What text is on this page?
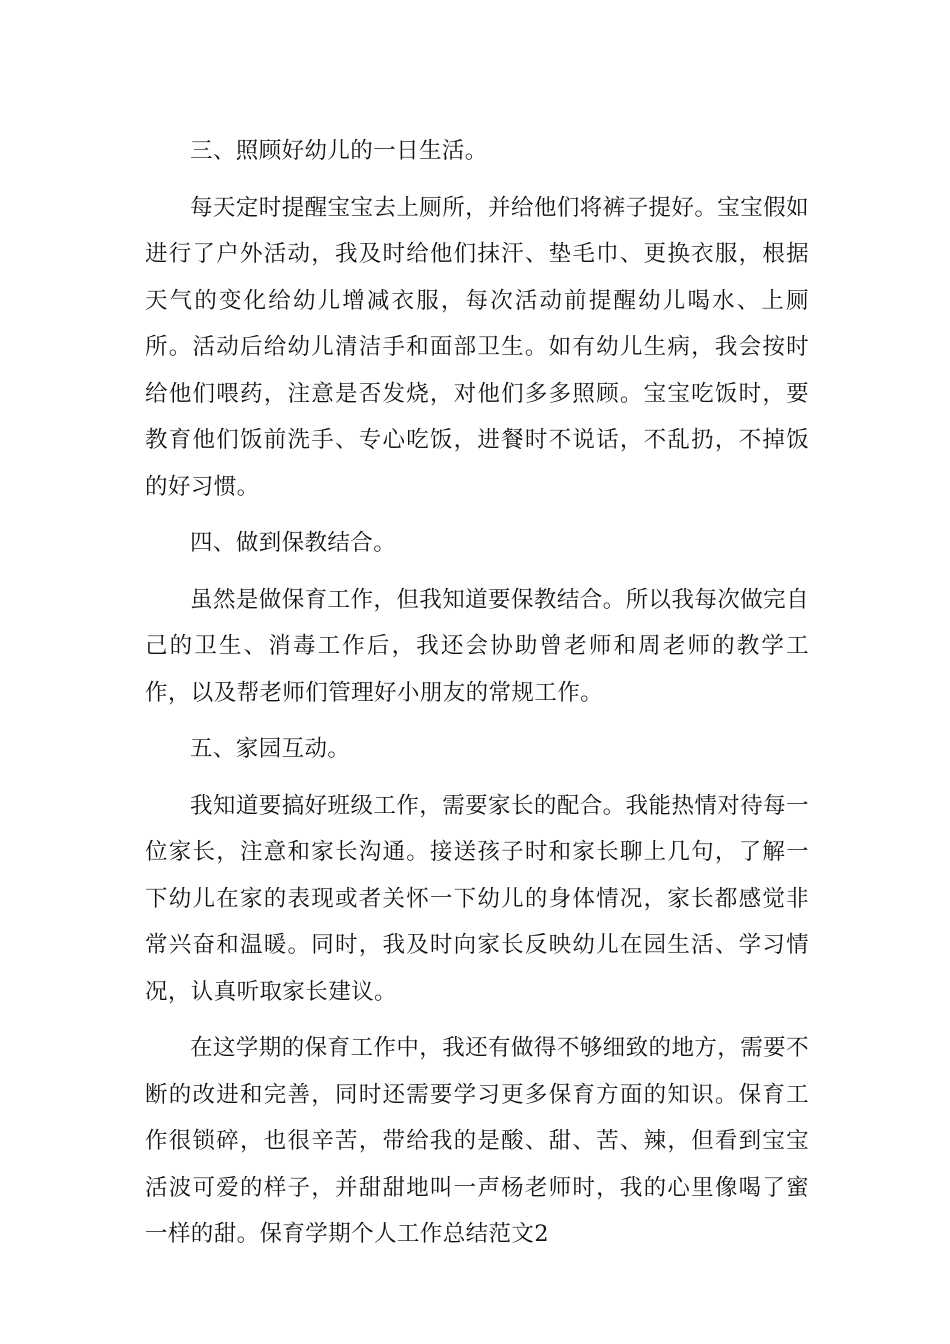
三、照顾好幼儿的一日生活。

每天定时提醒宝宝去上厕所，并给他们将裤子提好。宝宝假如进行了户外活动，我及时给他们抹汗、垫毛巾、更换衣服，根据天气的变化给幼儿增减衣服，每次活动前提醒幼儿喝水、上厕所。活动后给幼儿清洁手和面部卫生。如有幼儿生病，我会按时给他们喂药，注意是否发烧，对他们多多照顾。宝宝吃饭时，要教育他们饭前洗手、专心吃饭，进餐时不说话，不乱扔，不掉饭的好习惯。

四、做到保教结合。

虽然是做保育工作，但我知道要保教结合。所以我每次做完自己的卫生、消毒工作后，我还会协助曾老师和周老师的教学工作，以及帮老师们管理好小朋友的常规工作。

五、家园互动。

我知道要搞好班级工作，需要家长的配合。我能热情对待每一位家长，注意和家长沟通。接送孩子时和家长聊上几句，了解一下幼儿在家的表现或者关怀一下幼儿的身体情况，家长都感觉非常兴奋和温暖。同时，我及时向家长反映幼儿在园生活、学习情况，认真听取家长建议。

在这学期的保育工作中，我还有做得不够细致的地方，需要不断的改进和完善，同时还需要学习更多保育方面的知识。保育工作很锁碎，也很辛苦，带给我的是酸、甜、苦、辣，但看到宝宝活波可爱的样子，并甜甜地叫一声杨老师时，我的心里像喝了蜜一样的甜。保育学期个人工作总结范文2
